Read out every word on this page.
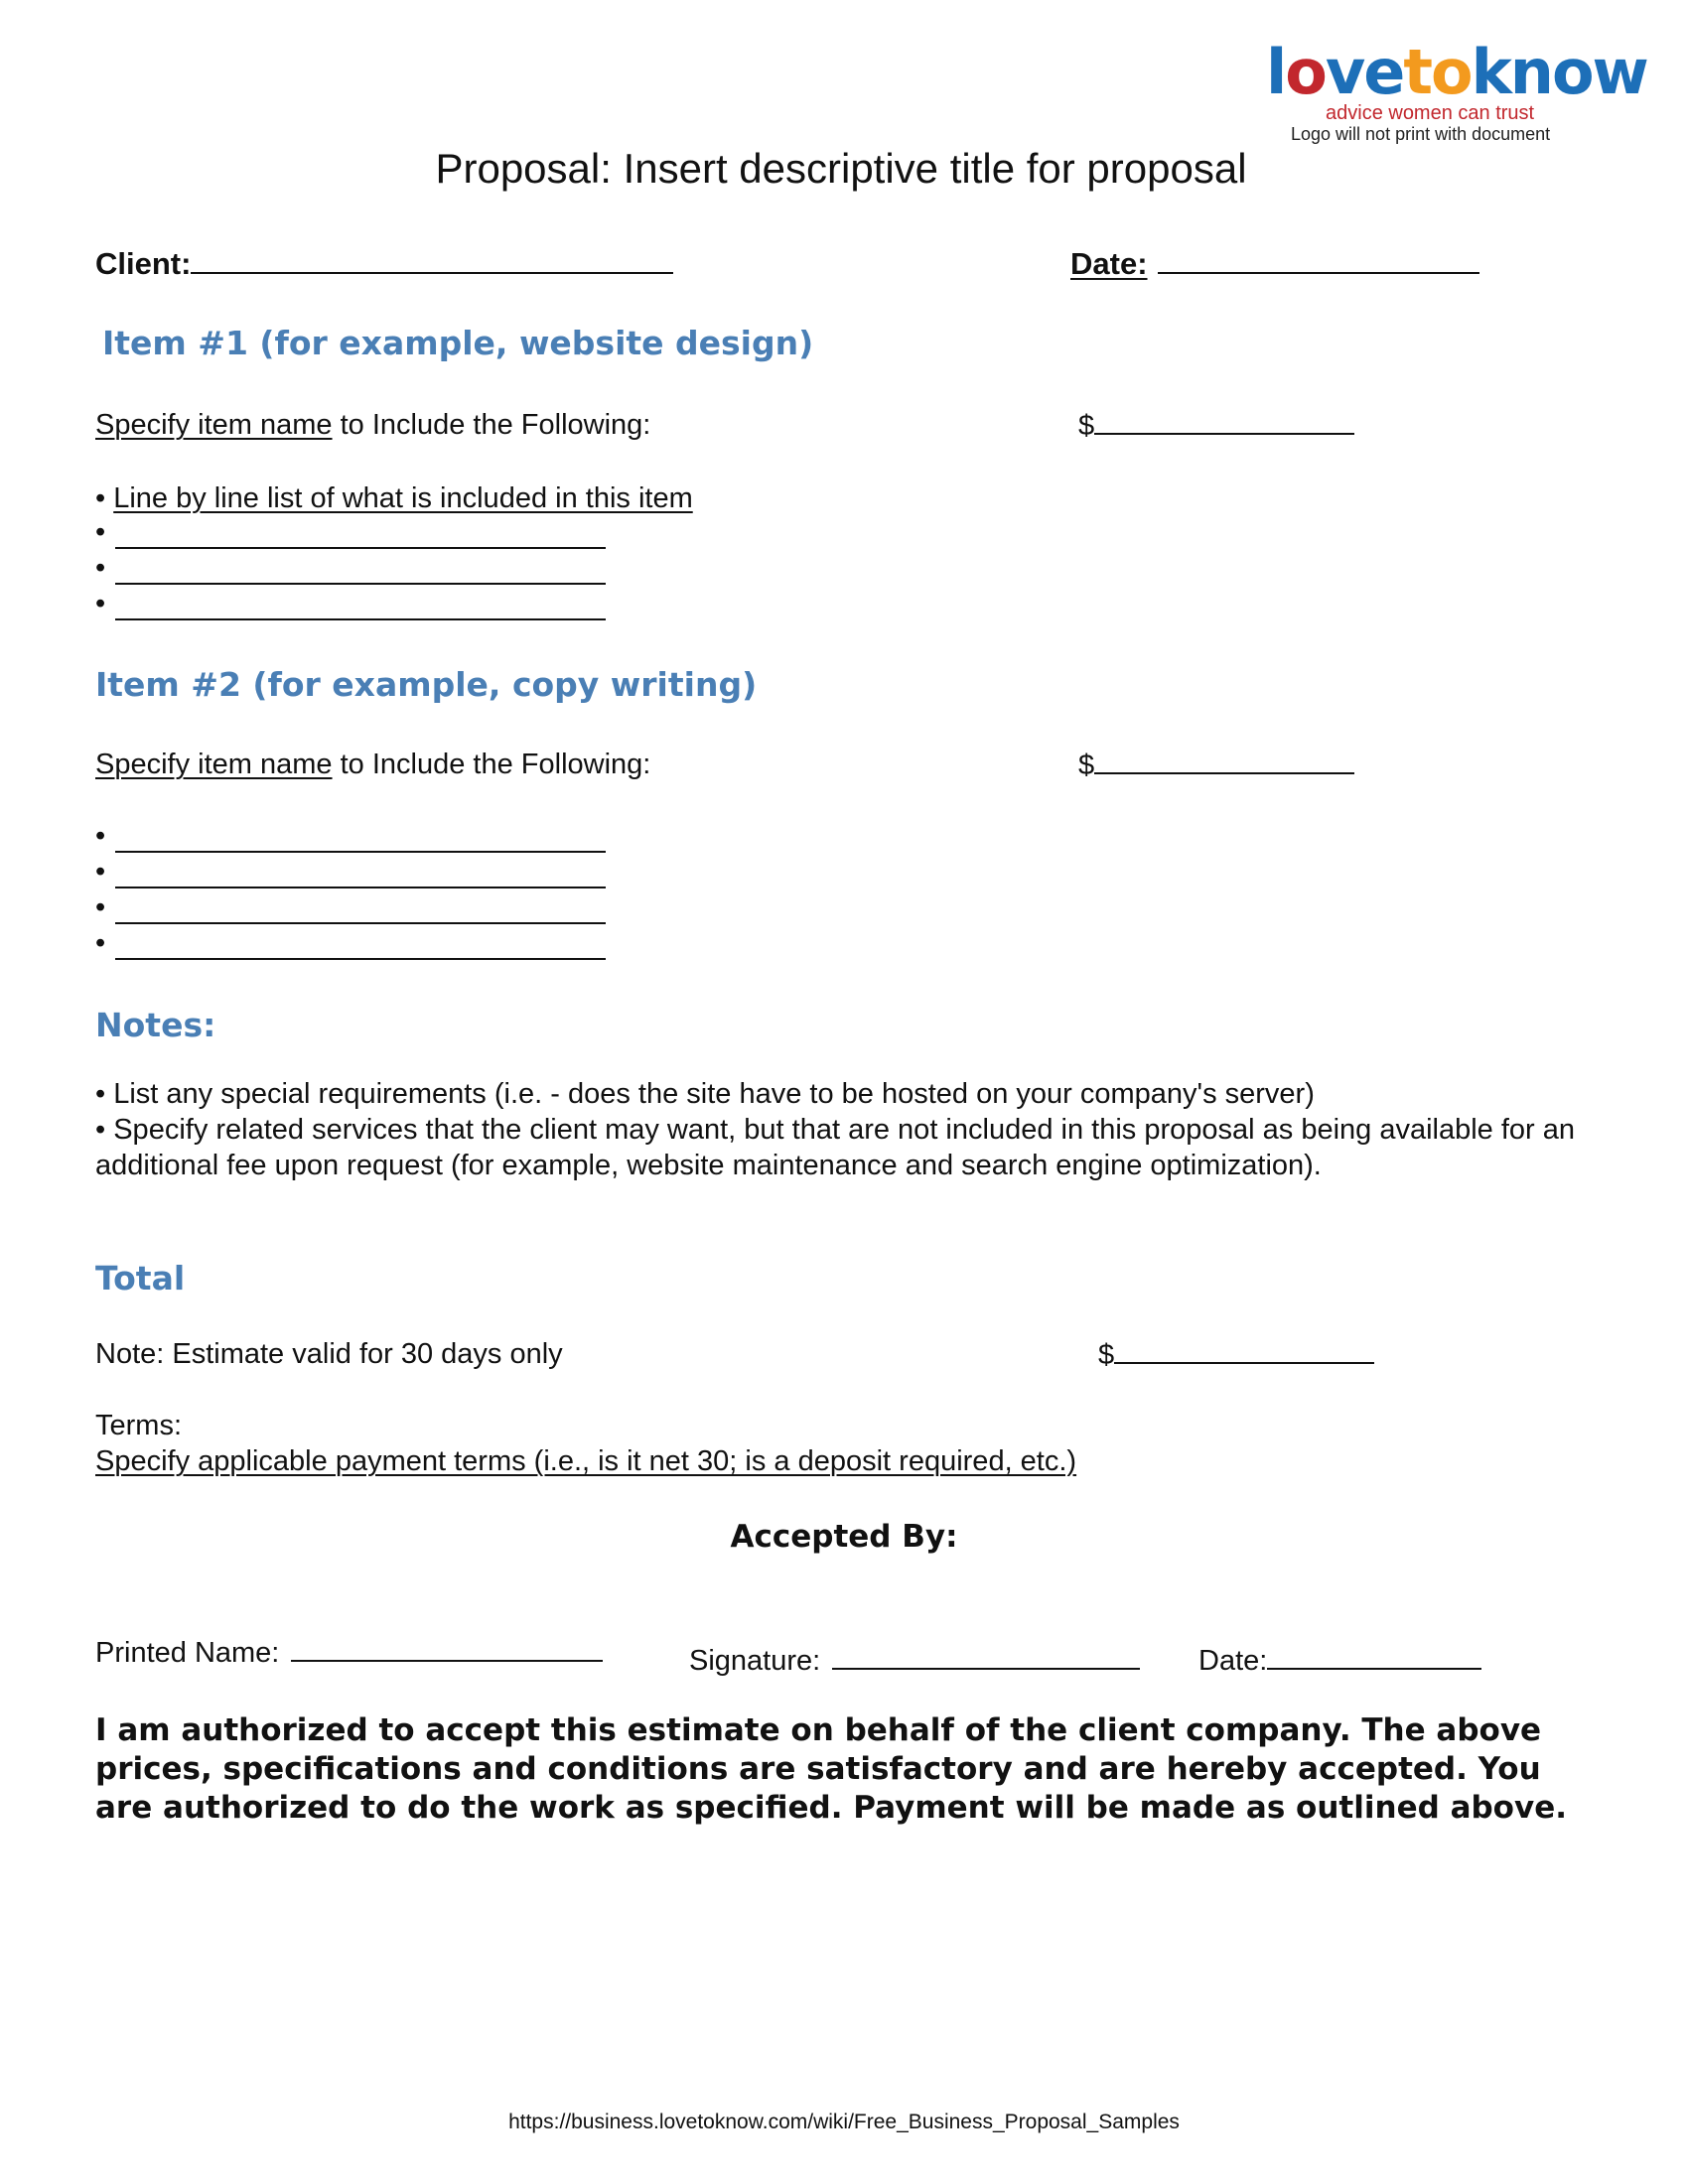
lovetoknow
advice women can trust
Logo will not print with document
Proposal: Insert descriptive title for proposal
Client:	Date:
Item #1 (for example, website design)
Specify item name to Include the Following:	$
• Line by line list of what is included in this item
•
•
•
Item #2 (for example, copy writing)
Specify item name to Include the Following:	$
•
•
•
•
Notes:
• List any special requirements (i.e. - does the site have to be hosted on your company's server)
• Specify related services that the client may want, but that are not included in this proposal as being available for an additional fee upon request (for example, website maintenance and search engine optimization).
Total
Note: Estimate valid for 30 days only	$
Terms:
Specify applicable payment terms (i.e., is it net 30; is a deposit required, etc.)
Accepted By:
Printed Name:	Signature:	Date:
I am authorized to accept this estimate on behalf of the client company. The above prices, specifications and conditions are satisfactory and are hereby accepted. You are authorized to do the work as specified. Payment will be made as outlined above.
https://business.lovetoknow.com/wiki/Free_Business_Proposal_Samples
